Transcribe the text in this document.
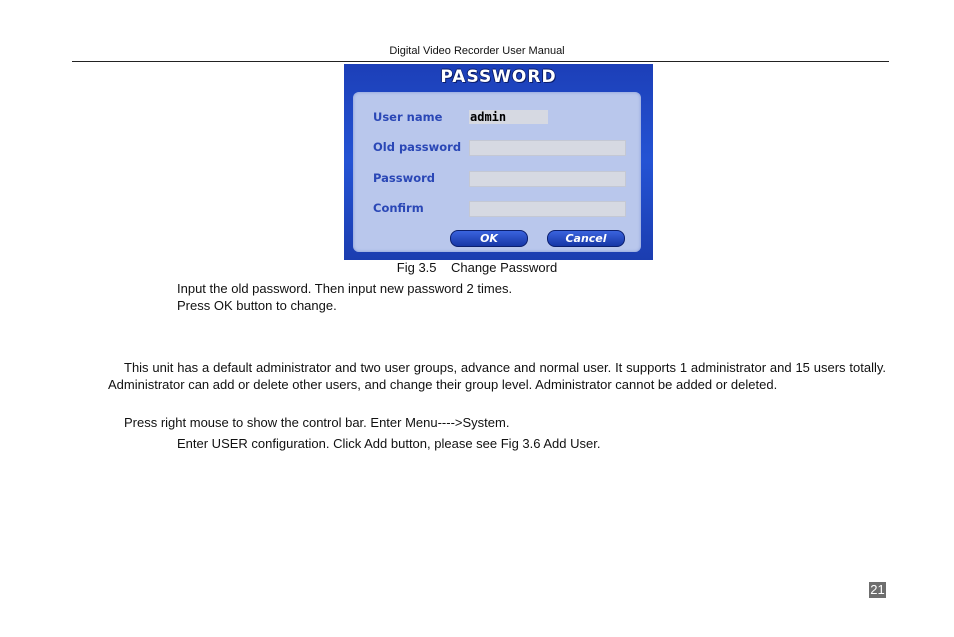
Digital Video Recorder User Manual
PASSWORD
User name admin
Old password
Password
Confirm
OK	Cancel
Fig 3.5    Change Password
Input the old password. Then input new password 2 times.
Press OK button to change.
This unit has a default administrator and two user groups, advance and normal user. It supports 1 administrator and 15 users totally. Administrator can add or delete other users, and change their group level. Administrator cannot be added or deleted.
Press right mouse to show the control bar. Enter Menu---->System.
Enter USER configuration. Click Add button, please see Fig 3.6 Add User.
21
